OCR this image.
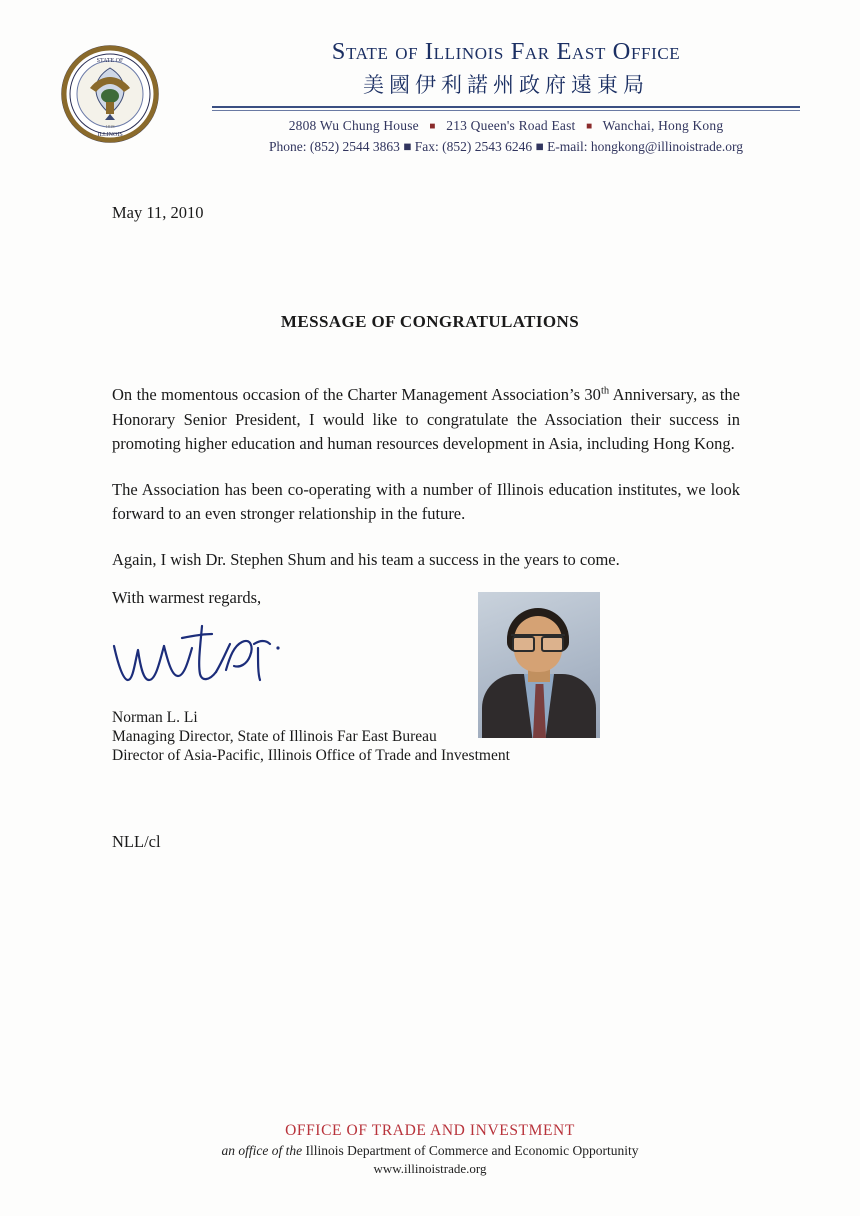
STATE OF
ILLINOIS
1818
State of Illinois Far East Office
美國伊利諾州政府遠東局
2808 Wu Chung House ■ 213 Queen's Road East ■ Wanchai, Hong Kong
Phone: (852) 2544 3863 ■ Fax: (852) 2543 6246 ■ E-mail: hongkong@illinoistrade.org
May 11, 2010
MESSAGE OF CONGRATULATIONS

On the momentous occasion of the Charter Management Association’s 30th Anniversary, as the Honorary Senior President, I would like to congratulate the Association their success in promoting higher education and human resources development in Asia, including Hong Kong.

The Association has been co-operating with a number of Illinois education institutes, we look forward to an even stronger relationship in the future.

Again, I wish Dr. Stephen Shum and his team a success in the years to come.

With warmest regards,
Norman L. Li
Managing Director, State of Illinois Far East Bureau
Director of Asia-Pacific, Illinois Office of Trade and Investment
NLL/cl
OFFICE OF TRADE AND INVESTMENT
an office of the Illinois Department of Commerce and Economic Opportunity
www.illinoistrade.org
